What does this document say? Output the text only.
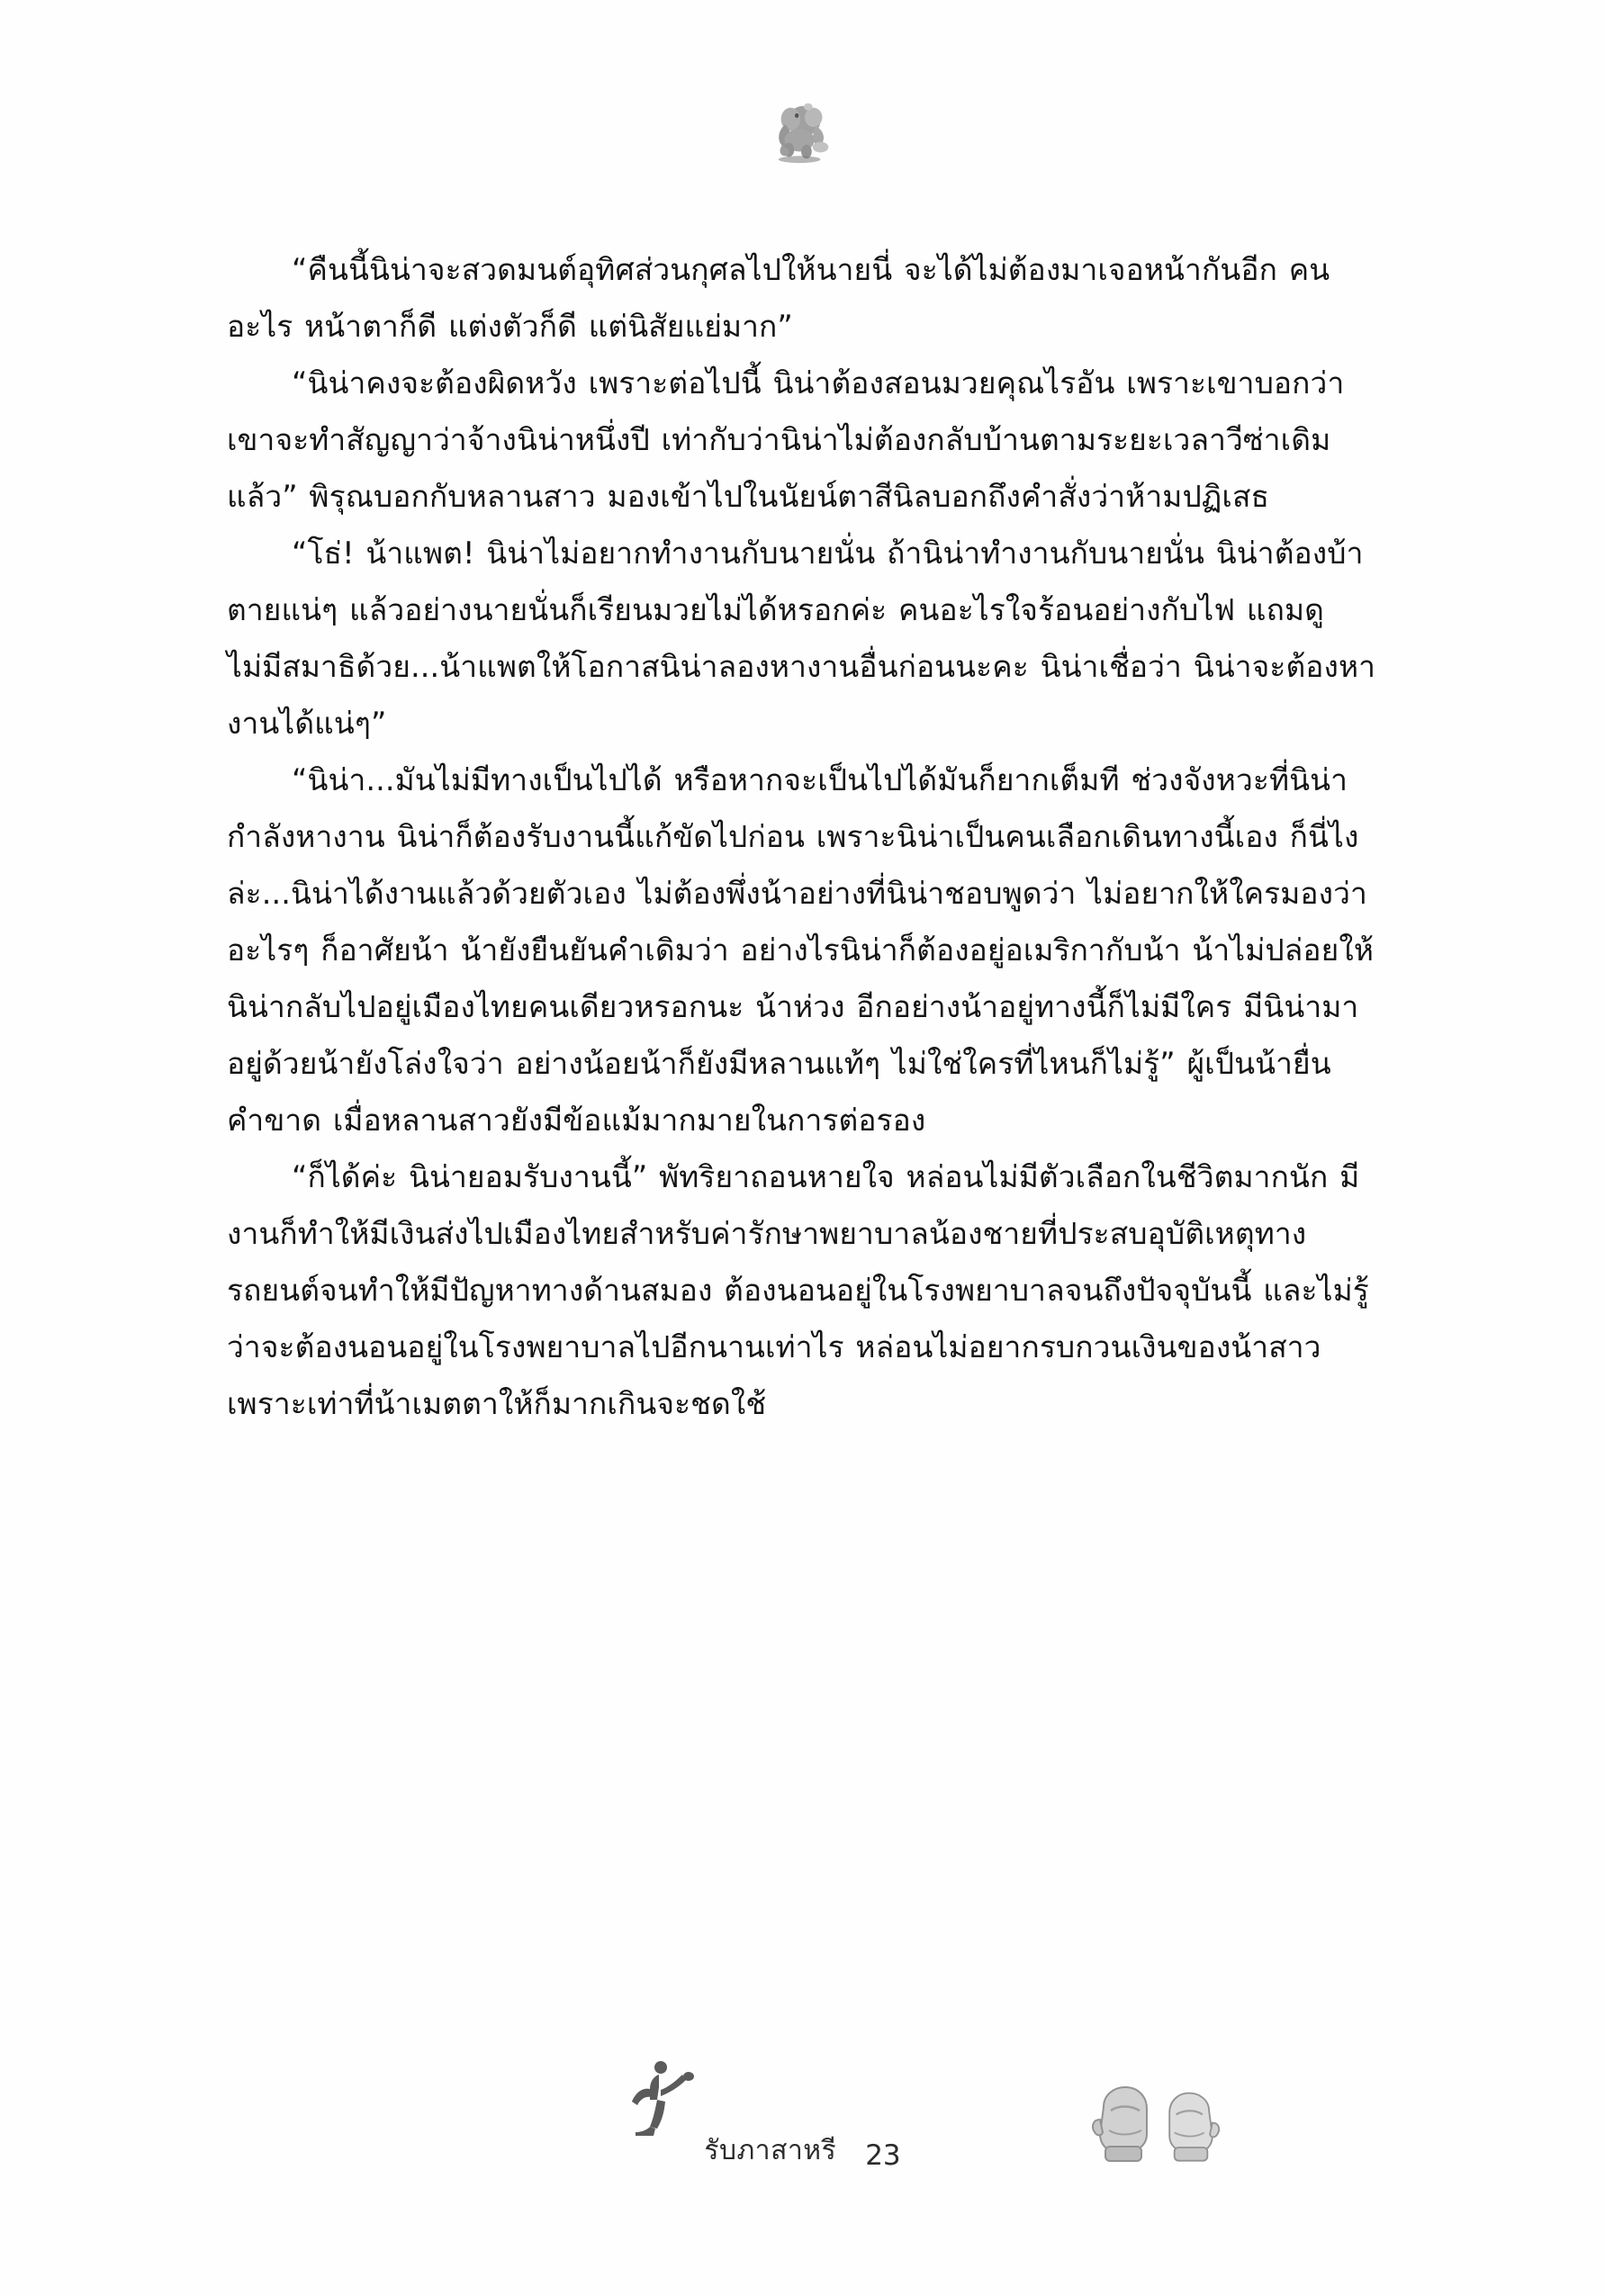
“คืนนี้นิน่าจะสวดมนต์อุทิศส่วนกุศลไปให้นายนี่ จะได้ไม่ต้องมาเจอหน้ากันอีก คนอะไร หน้าตาก็ดี แต่งตัวก็ดี แต่นิสัยแย่มาก”

“นิน่าคงจะต้องผิดหวัง เพราะต่อไปนี้ นิน่าต้องสอนมวยคุณไรอัน เพราะเขาบอกว่า เขาจะทำสัญญาว่าจ้างนิน่าหนึ่งปี เท่ากับว่านิน่าไม่ต้องกลับบ้านตามระยะเวลาวีซ่าเดิมแล้ว” พิรุณบอกกับหลานสาว มองเข้าไปในนัยน์ตาสีนิลบอกถึงคำสั่งว่าห้ามปฏิเสธ

“โธ่! น้าแพต! นิน่าไม่อยากทำงานกับนายนั่น ถ้านิน่าทำงานกับนายนั่น นิน่าต้องบ้าตายแน่ๆ แล้วอย่างนายนั่นก็เรียนมวยไม่ได้หรอกค่ะ คนอะไรใจร้อนอย่างกับไฟ แถมดูไม่มีสมาธิด้วย...น้าแพตให้โอกาสนิน่าลองหางานอื่นก่อนนะคะ นิน่าเชื่อว่า นิน่าจะต้องหางานได้แน่ๆ”

“นิน่า...มันไม่มีทางเป็นไปได้ หรือหากจะเป็นไปได้มันก็ยากเต็มที ช่วงจังหวะที่นิน่ากำลังหางาน นิน่าก็ต้องรับงานนี้แก้ขัดไปก่อน เพราะนิน่าเป็นคนเลือกเดินทางนี้เอง ก็นี่ไงล่ะ...นิน่าได้งานแล้วด้วยตัวเอง ไม่ต้องพึ่งน้าอย่างที่นิน่าชอบพูดว่า ไม่อยากให้ใครมองว่าอะไรๆ ก็อาศัยน้า น้ายังยืนยันคำเดิมว่า อย่างไรนิน่าก็ต้องอยู่อเมริกากับน้า น้าไม่ปล่อยให้นิน่ากลับไปอยู่เมืองไทยคนเดียวหรอกนะ น้าห่วง อีกอย่างน้าอยู่ทางนี้ก็ไม่มีใคร มีนิน่ามาอยู่ด้วยน้ายังโล่งใจว่า อย่างน้อยน้าก็ยังมีหลานแท้ๆ ไม่ใช่ใครที่ไหนก็ไม่รู้” ผู้เป็นน้ายื่นคำขาด เมื่อหลานสาวยังมีข้อแม้มากมายในการต่อรอง

“ก็ได้ค่ะ นิน่ายอมรับงานนี้” พัทริยาถอนหายใจ หล่อนไม่มีตัวเลือกในชีวิตมากนัก มีงานก็ทำให้มีเงินส่งไปเมืองไทยสำหรับค่ารักษาพยาบาลน้องชายที่ประสบอุบัติเหตุทางรถยนต์จนทำให้มีปัญหาทางด้านสมอง ต้องนอนอยู่ในโรงพยาบาลจนถึงปัจจุบันนี้ และไม่รู้ว่าจะต้องนอนอยู่ในโรงพยาบาลไปอีกนานเท่าไร หล่อนไม่อยากรบกวนเงินของน้าสาว เพราะเท่าที่น้าเมตตาให้ก็มากเกินจะชดใช้

รับภาสาหรี 23
